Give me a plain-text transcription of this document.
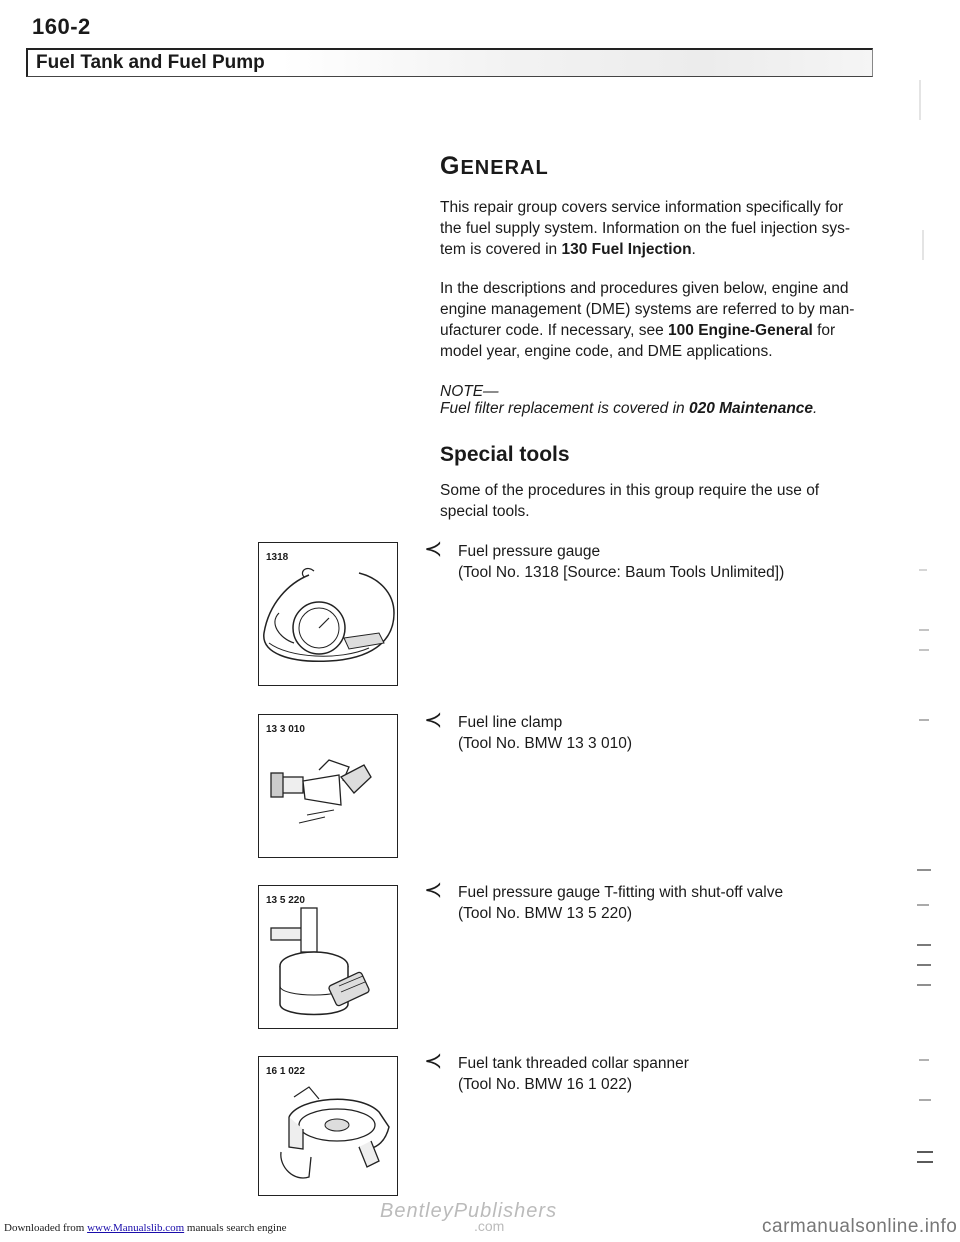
160-2
Fuel Tank and Fuel Pump
GENERAL
This repair group covers service information specifically for
the fuel supply system. Information on the fuel injection sys-
tem is covered in 130 Fuel Injection.
In the descriptions and procedures given below, engine and
engine management (DME) systems are referred to by man-
ufacturer code. If necessary, see 100 Engine-General for
model year, engine code, and DME applications.
NOTE—
Fuel filter replacement is covered in 020 Maintenance.
Special tools
Some of the procedures in this group require the use of
special tools.
1318	≺ Fuel pressure gauge
(Tool No. 1318 [Source: Baum Tools Unlimited])
13 3 010	≺ Fuel line clamp
(Tool No. BMW 13 3 010)
13 5 220	≺ Fuel pressure gauge T-fitting with shut-off valve
(Tool No. BMW 13 5 220)
16 1 022	≺ Fuel tank threaded collar spanner
(Tool No. BMW 16 1 022)
Downloaded from www.Manualslib.com manuals search engine
BentleyPublishers
.com	carmanualsonline.info
